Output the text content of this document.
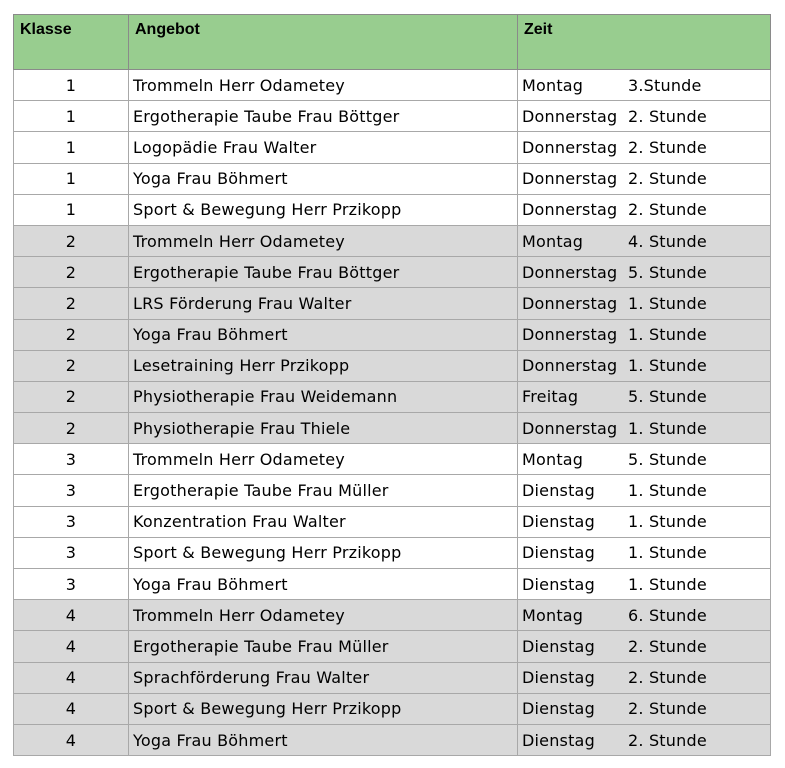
Klasse	Angebot	Zeit
1	Trommeln Herr Odametey	Montag 3.Stunde
1	Ergotherapie Taube Frau Böttger	Donnerstag 2. Stunde
1	Logopädie Frau Walter	Donnerstag 2. Stunde
1	Yoga Frau Böhmert	Donnerstag 2. Stunde
1	Sport & Bewegung Herr Przikopp	Donnerstag 2. Stunde
2	Trommeln Herr Odametey	Montag 4. Stunde
2	Ergotherapie Taube Frau Böttger	Donnerstag 5. Stunde
2	LRS Förderung Frau Walter	Donnerstag 1. Stunde
2	Yoga Frau Böhmert	Donnerstag 1. Stunde
2	Lesetraining Herr Przikopp	Donnerstag 1. Stunde
2	Physiotherapie Frau Weidemann	Freitag 5. Stunde
2	Physiotherapie Frau Thiele	Donnerstag 1. Stunde
3	Trommeln Herr Odametey	Montag 5. Stunde
3	Ergotherapie Taube Frau Müller	Dienstag 1. Stunde
3	Konzentration Frau Walter	Dienstag 1. Stunde
3	Sport & Bewegung Herr Przikopp	Dienstag 1. Stunde
3	Yoga Frau Böhmert	Dienstag 1. Stunde
4	Trommeln Herr Odametey	Montag 6. Stunde
4	Ergotherapie Taube Frau Müller	Dienstag 2. Stunde
4	Sprachförderung Frau Walter	Dienstag 2. Stunde
4	Sport & Bewegung Herr Przikopp	Dienstag 2. Stunde
4	Yoga Frau Böhmert	Dienstag 2. Stunde
